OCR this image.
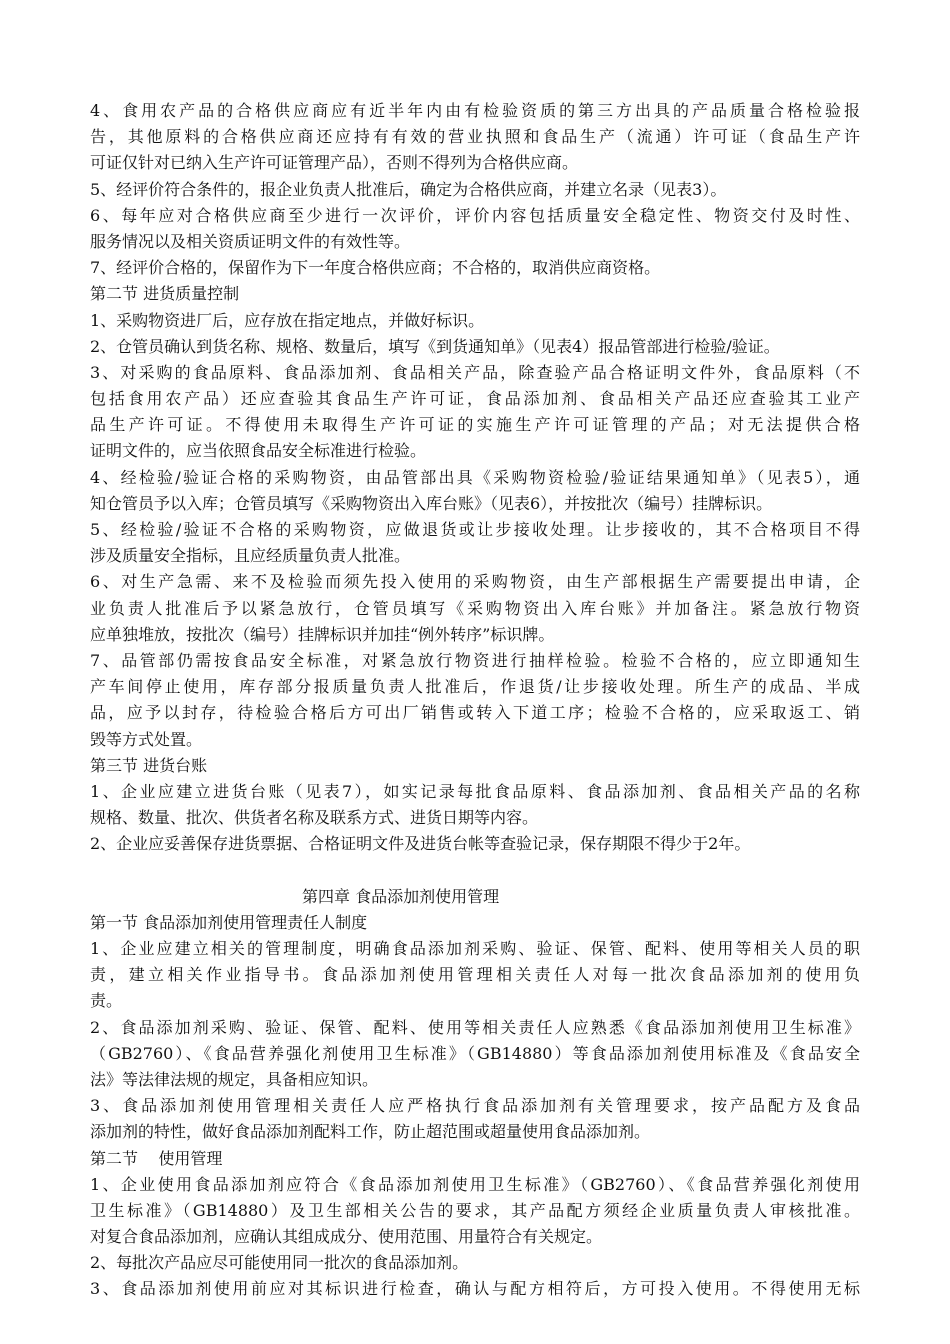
4、食用农产品的合格供应商应有近半年内由有检验资质的第三方出具的产品质量合格检验报
告，其他原料的合格供应商还应持有有效的营业执照和食品生产（流通）许可证（食品生产许
可证仅针对已纳入生产许可证管理产品），否则不得列为合格供应商。
5、经评价符合条件的，报企业负责人批准后，确定为合格供应商，并建立名录（见表3）。
6、每年应对合格供应商至少进行一次评价，评价内容包括质量安全稳定性、物资交付及时性、
服务情况以及相关资质证明文件的有效性等。
7、经评价合格的，保留作为下一年度合格供应商；不合格的，取消供应商资格。
第二节 进货质量控制
1、采购物资进厂后，应存放在指定地点，并做好标识。
2、仓管员确认到货名称、规格、数量后，填写《到货通知单》（见表4）报品管部进行检验/验证。
3、对采购的食品原料、食品添加剂、食品相关产品，除查验产品合格证明文件外，食品原料（不
包括食用农产品）还应查验其食品生产许可证，食品添加剂、食品相关产品还应查验其工业产
品生产许可证。不得使用未取得生产许可证的实施生产许可证管理的产品；对无法提供合格
证明文件的，应当依照食品安全标准进行检验。
4、经检验/验证合格的采购物资，由品管部出具《采购物资检验/验证结果通知单》（见表5），通
知仓管员予以入库；仓管员填写《采购物资出入库台账》（见表6），并按批次（编号）挂牌标识。
5、经检验/验证不合格的采购物资，应做退货或让步接收处理。让步接收的，其不合格项目不得
涉及质量安全指标，且应经质量负责人批准。
6、对生产急需、来不及检验而须先投入使用的采购物资，由生产部根据生产需要提出申请，企
业负责人批准后予以紧急放行，仓管员填写《采购物资出入库台账》并加备注。紧急放行物资
应单独堆放，按批次（编号）挂牌标识并加挂“例外转序”标识牌。
7、品管部仍需按食品安全标准，对紧急放行物资进行抽样检验。检验不合格的，应立即通知生
产车间停止使用，库存部分报质量负责人批准后，作退货/让步接收处理。所生产的成品、半成
品，应予以封存，待检验合格后方可出厂销售或转入下道工序；检验不合格的，应采取返工、销
毁等方式处置。
第三节 进货台账
1、企业应建立进货台账（见表7），如实记录每批食品原料、食品添加剂、食品相关产品的名称
规格、数量、批次、供货者名称及联系方式、进货日期等内容。
2、企业应妥善保存进货票据、合格证明文件及进货台帐等查验记录，保存期限不得少于2年。
第四章 食品添加剂使用管理
第一节 食品添加剂使用管理责任人制度
1、企业应建立相关的管理制度，明确食品添加剂采购、验证、保管、配料、使用等相关人员的职
责，建立相关作业指导书。食品添加剂使用管理相关责任人对每一批次食品添加剂的使用负
责。
2、食品添加剂采购、验证、保管、配料、使用等相关责任人应熟悉《食品添加剂使用卫生标准》
（GB2760）、《食品营养强化剂使用卫生标准》（GB14880）等食品添加剂使用标准及《食品安全
法》等法律法规的规定，具备相应知识。
3、食品添加剂使用管理相关责任人应严格执行食品添加剂有关管理要求，按产品配方及食品
添加剂的特性，做好食品添加剂配料工作，防止超范围或超量使用食品添加剂。
第二节    使用管理
1、企业使用食品添加剂应符合《食品添加剂使用卫生标准》（GB2760）、《食品营养强化剂使用
卫生标准》（GB14880）及卫生部相关公告的要求，其产品配方须经企业质量负责人审核批准。
对复合食品添加剂，应确认其组成成分、使用范围、用量符合有关规定。
2、每批次产品应尽可能使用同一批次的食品添加剂。
3、食品添加剂使用前应对其标识进行检查，确认与配方相符后，方可投入使用。不得使用无标
